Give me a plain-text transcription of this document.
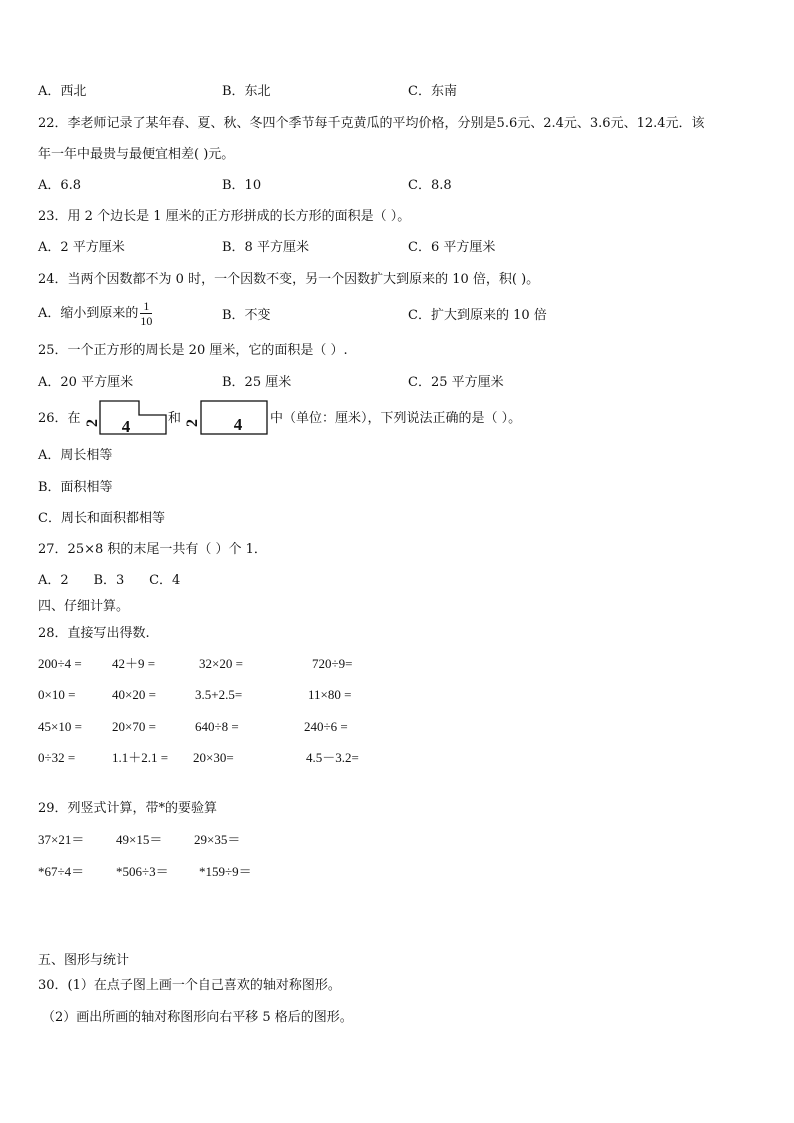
A．西北	B．东北	C．东南
22．李老师记录了某年春、夏、秋、冬四个季节每千克黄瓜的平均价格，分别是5.6元、2.4元、3.6元、12.4元．该
年一年中最贵与最便宜相差( )元。
A．6.8	B．10	C．8.8
23．用 2 个边长是 1 厘米的正方形拼成的长方形的面积是（ ）。
A．2 平方厘米	B．8 平方厘米	C．6 平方厘米
24．当两个因数都不为 0 时，一个因数不变，另一个因数扩大到原来的 10 倍，积( )。
A．缩小到原来的 $\frac{1}{10}$	B．不变	C．扩大到原来的 10 倍
25．一个正方形的周长是 20 厘米，它的面积是（ ）.
A．20 平方厘米	B．25 厘米	C．25 平方厘米
26．在 2 4	和 2 4 中（单位：厘米），下列说法正确的是（ ）。
A．周长相等
B．面积相等
C．周长和面积都相等
27．25×8 积的末尾一共有（ ）个 1．
A．2      B．3      C．4
四、仔细计算。
28．直接写出得数.
200÷4 = 42＋9 =	32×20 =	720÷9=
0×10 =	40×20 =	3.5+2.5=	11×80 =
45×10 = 20×70 =	640÷8 =	240÷6 =
0÷32 =	1.1＋2.1 = 20×30=	4.5－3.2=
29．列竖式计算，带*的要验算
37×21＝ 49×15＝ 29×35＝
*67÷4＝ *506÷3＝ *159÷9＝
五、图形与统计
30．(1）在点子图上画一个自己喜欢的轴对称图形。
（2）画出所画的轴对称图形向右平移 5 格后的图形。
